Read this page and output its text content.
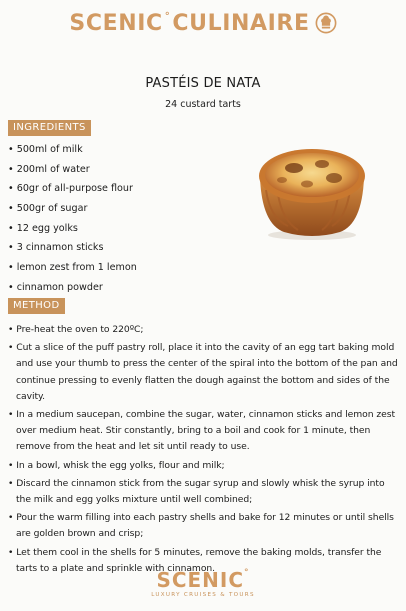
SCENIC °CULINAIRE
PASTÉIS DE NATA
24 custard tarts
INGREDIENTS
• 500ml of milk
• 200ml of water
• 60gr of all-purpose flour
• 500gr of sugar
• 12 egg yolks
• 3 cinnamon sticks
• lemon zest from 1 lemon
• cinnamon powder
METHOD
• Pre-heat the oven to 220ºC;
• Cut a slice of the puff pastry roll, place it into the cavity of an egg tart baking mold and use your thumb to press the center of the spiral into the bottom of the pan and continue pressing to evenly flatten the dough against the bottom and sides of the cavity.
• In a medium saucepan, combine the sugar, water, cinnamon sticks and lemon zest over medium heat. Stir constantly, bring to a boil and cook for 1 minute, then remove from the heat and let sit until ready to use.
• In a bowl, whisk the egg yolks, flour and milk;
• Discard the cinnamon stick from the sugar syrup and slowly whisk the syrup into the milk and egg yolks mixture until well combined;
• Pour the warm filling into each pastry shells and bake for 12 minutes or until shells are golden brown and crisp;
• Let them cool in the shells for 5 minutes, remove the baking molds, transfer the tarts to a plate and sprinkle with cinnamon.
SCENIC°
LUXURY CRUISES & TOURS
